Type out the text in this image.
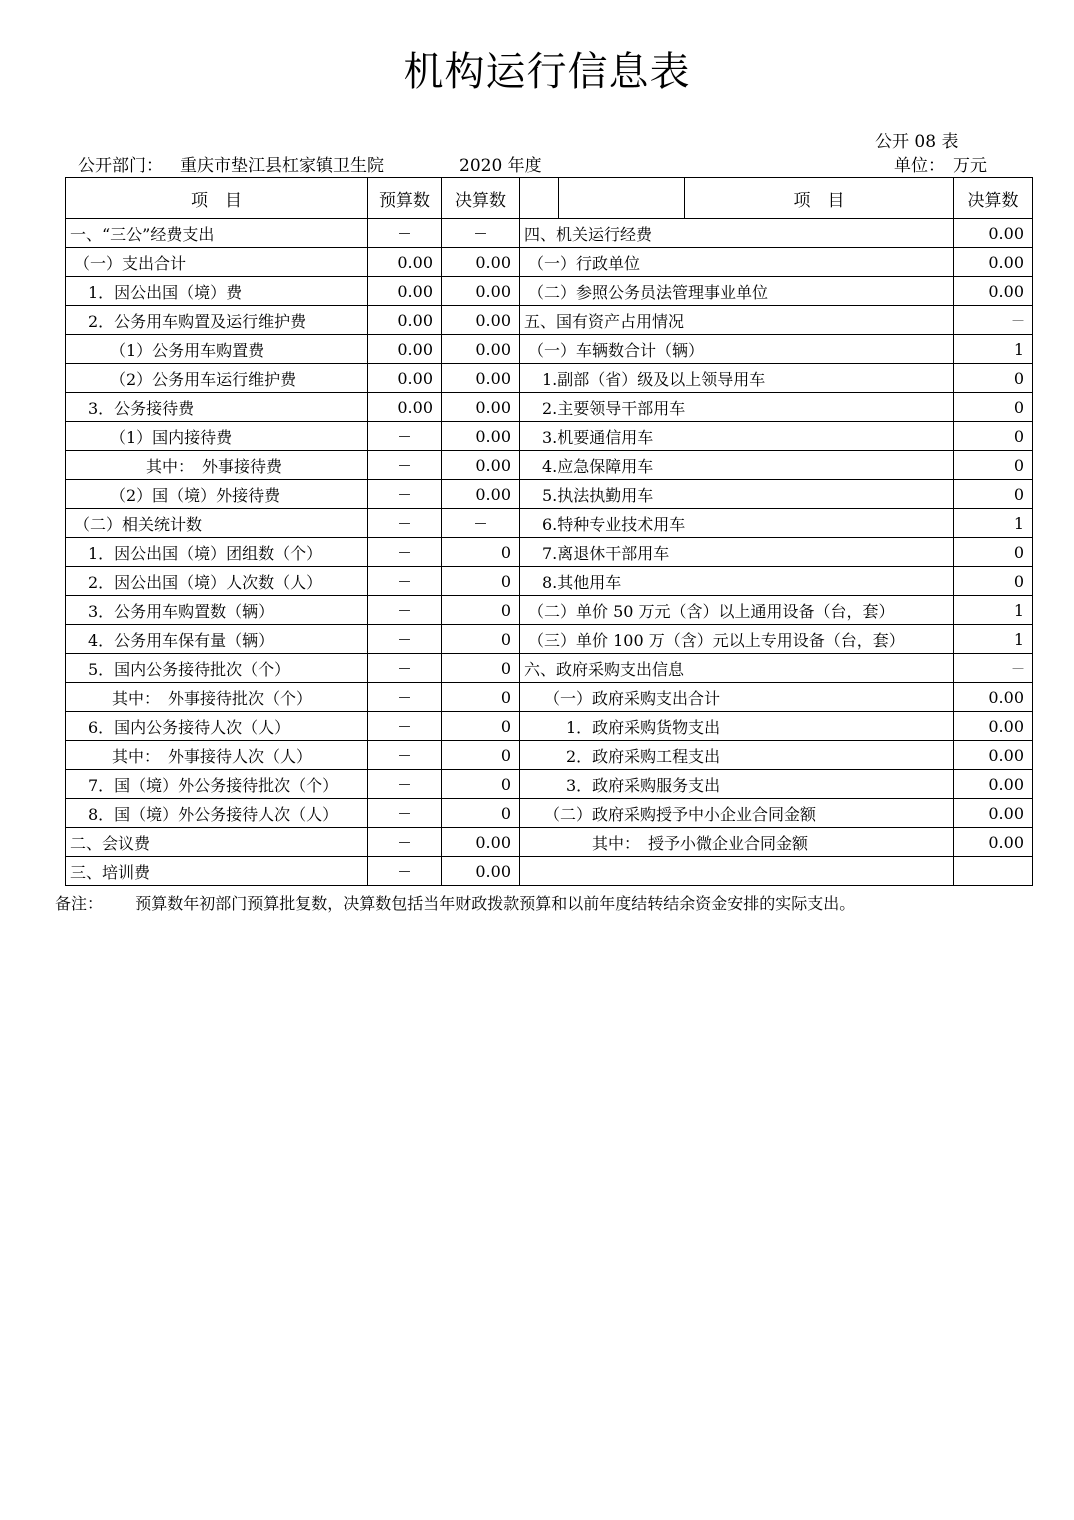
机构运行信息表
公开 08 表
公开部门： 重庆市垫江县杠家镇卫生院	2020 年度	单位： 万元
项　目	预算数	决算数			项　目	决算数
一、“三公”经费支出	—	—	四、机关运行经费			0.00
（一）支出合计	0.00	0.00	（一）行政单位			0.00
1．因公出国（境）费	0.00	0.00	（二）参照公务员法管理事业单位			0.00
2．公务用车购置及运行维护费	0.00	0.00	五、国有资产占用情况			—
（1）公务用车购置费	0.00	0.00	（一）车辆数合计（辆）			1
（2）公务用车运行维护费	0.00	0.00	1.副部（省）级及以上领导用车			0
3．公务接待费	0.00	0.00	2.主要领导干部用车			0
（1）国内接待费	—	0.00	3.机要通信用车			0
其中：　外事接待费	—	0.00	4.应急保障用车			0
（2）国（境）外接待费	—	0.00	5.执法执勤用车			0
（二）相关统计数	—	—	6.特种专业技术用车			1
1．因公出国（境）团组数（个）	—	0	7.离退休干部用车			0
2．因公出国（境）人次数（人）	—	0	8.其他用车			0
3．公务用车购置数（辆）	—	0	（二）单价 50 万元（含）以上通用设备（台，套）			1
4．公务用车保有量（辆）	—	0	（三）单价 100 万（含）元以上专用设备（台，套）			1
5．国内公务接待批次（个）	—	0	六、政府采购支出信息			—
其中：　外事接待批次（个）	—	0	（一）政府采购支出合计			0.00
6．国内公务接待人次（人）	—	0	1．政府采购货物支出			0.00
其中：　外事接待人次（人）	—	0	2．政府采购工程支出			0.00
7．国（境）外公务接待批次（个）	—	0	3．政府采购服务支出			0.00
8．国（境）外公务接待人次（人）	—	0	（二）政府采购授予中小企业合同金额			0.00
二、会议费	—	0.00	其中：　授予小微企业合同金额			0.00
三、培训费	—	0.00				
备注： 预算数年初部门预算批复数，决算数包括当年财政拨款预算和以前年度结转结余资金安排的实际支出。
